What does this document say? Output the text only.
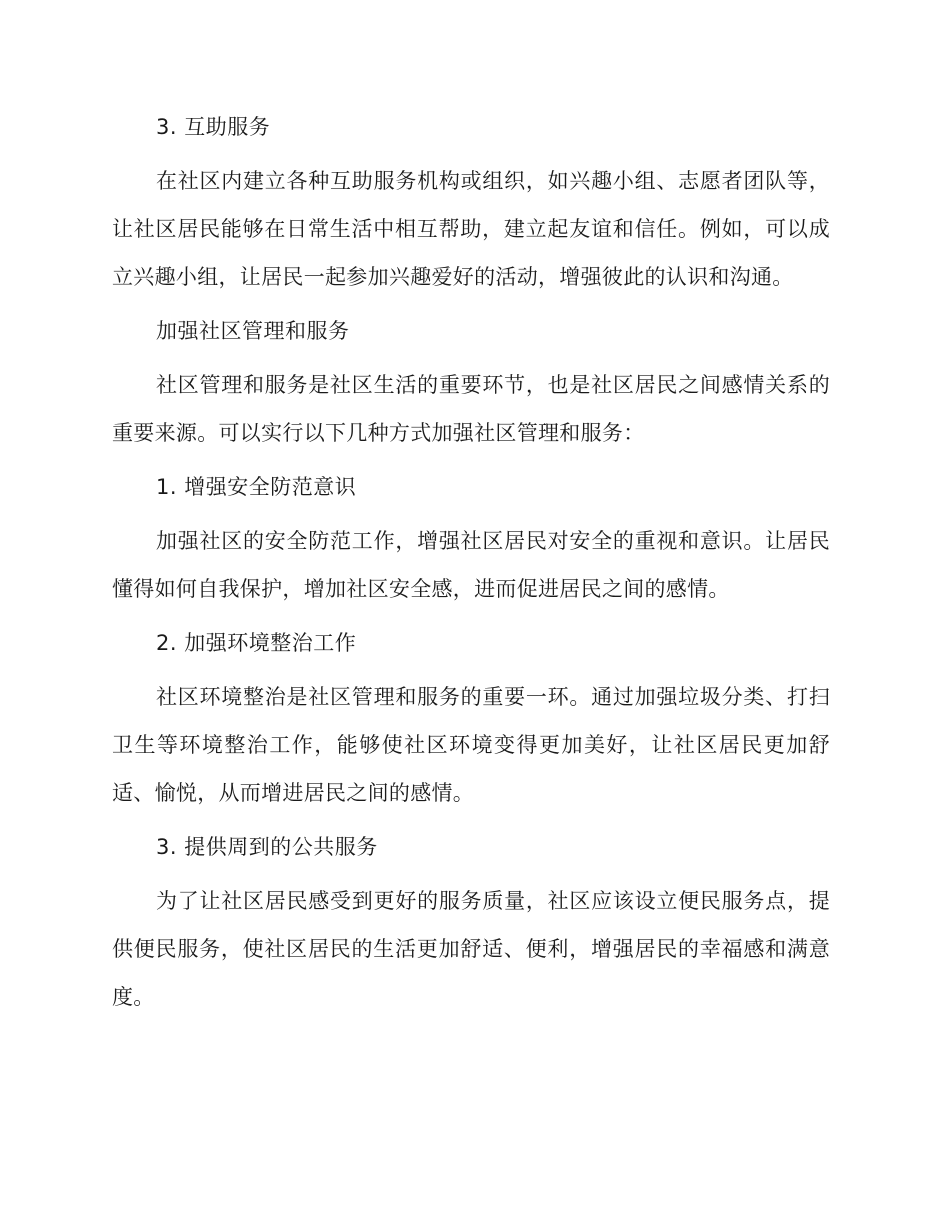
3. 互助服务

在社区内建立各种互助服务机构或组织，如兴趣小组、志愿者团队等，让社区居民能够在日常生活中相互帮助，建立起友谊和信任。例如，可以成立兴趣小组，让居民一起参加兴趣爱好的活动，增强彼此的认识和沟通。

加强社区管理和服务

社区管理和服务是社区生活的重要环节，也是社区居民之间感情关系的重要来源。可以实行以下几种方式加强社区管理和服务：

1. 增强安全防范意识

加强社区的安全防范工作，增强社区居民对安全的重视和意识。让居民懂得如何自我保护，增加社区安全感，进而促进居民之间的感情。

2. 加强环境整治工作

社区环境整治是社区管理和服务的重要一环。通过加强垃圾分类、打扫卫生等环境整治工作，能够使社区环境变得更加美好，让社区居民更加舒适、愉悦，从而增进居民之间的感情。

3. 提供周到的公共服务

为了让社区居民感受到更好的服务质量，社区应该设立便民服务点，提供便民服务，使社区居民的生活更加舒适、便利，增强居民的幸福感和满意度。
